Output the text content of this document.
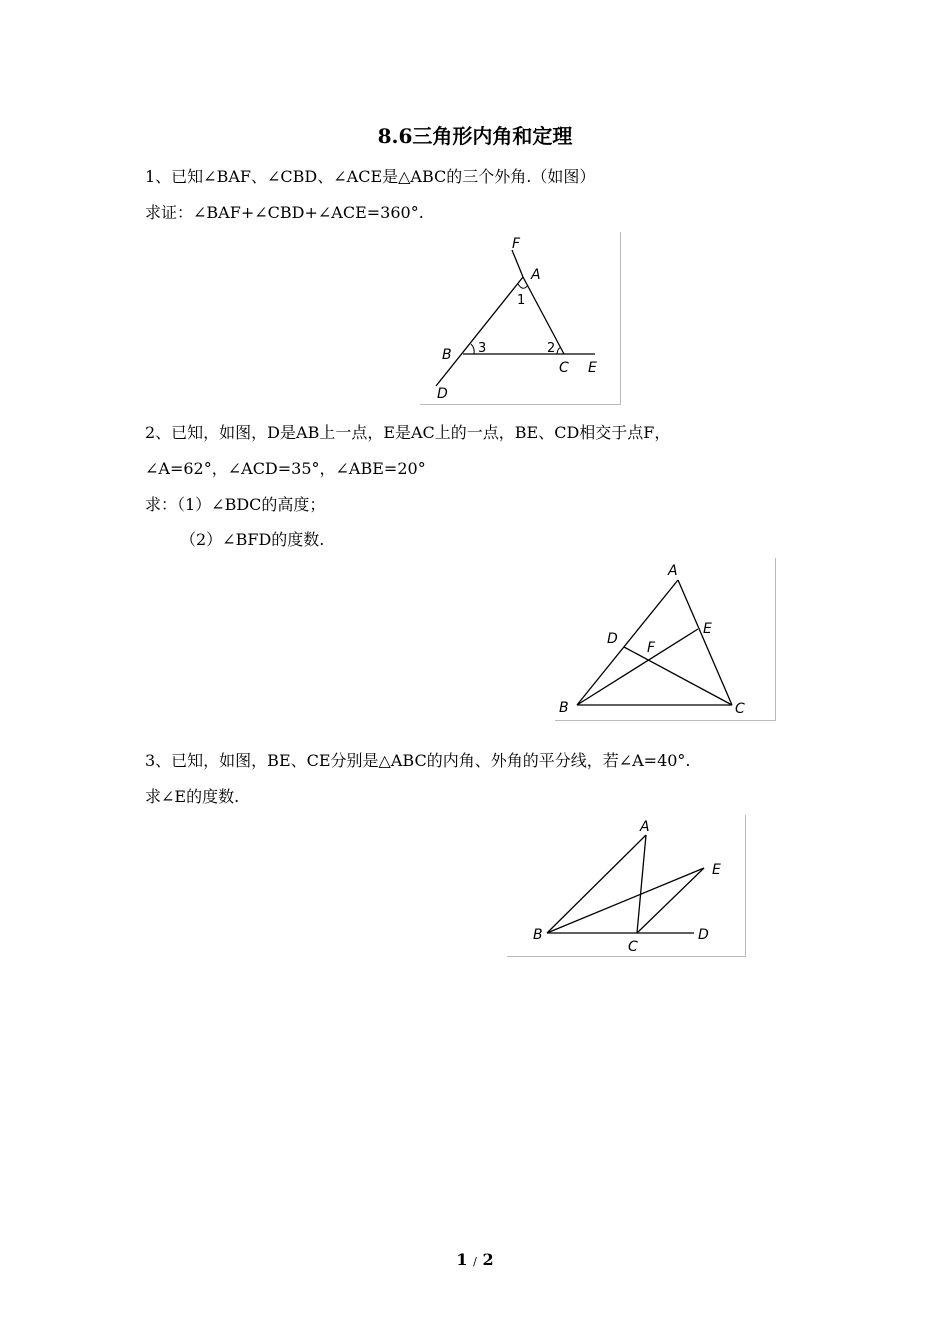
8.6三角形内角和定理
1、已知∠BAF、∠CBD、∠ACE是△ABC的三个外角.（如图）
求证：∠BAF+∠CBD+∠ACE=360°.
F
A
1
B 3	2
C E
D
2、已知，如图，D是AB上一点，E是AC上的一点，BE、CD相交于点F，
∠A=62°，∠ACD=35°，∠ABE=20°
求：（1）∠BDC的高度；
（2）∠BFD的度数.
A
D
E
F
B	C
3、已知，如图，BE、CE分别是△ABC的内角、外角的平分线，若∠A=40°.
求∠E的度数.
A
E
B
C
D
1 / 2
